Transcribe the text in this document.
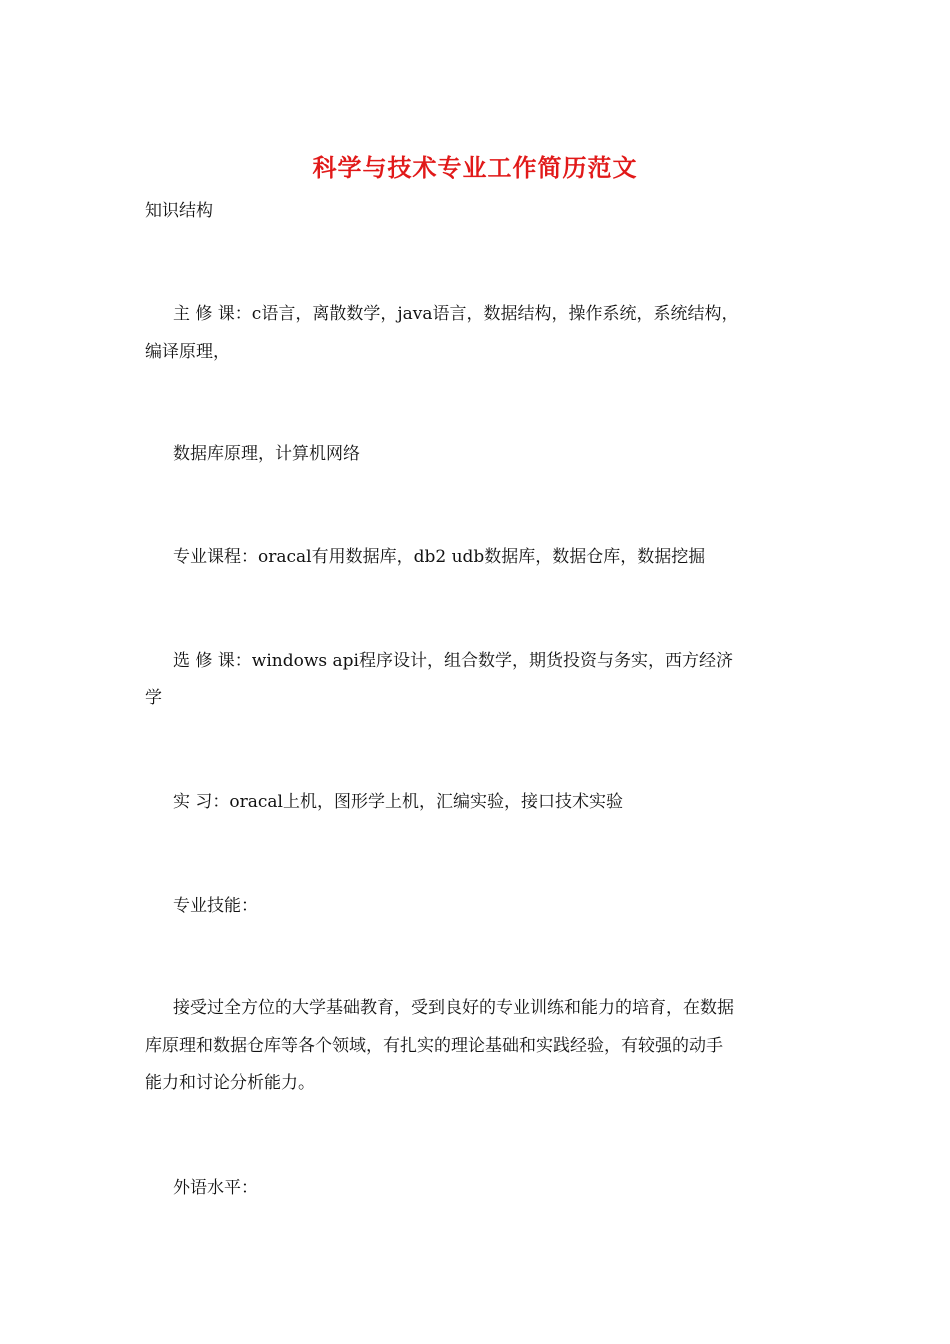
科学与技术专业工作简历范文
知识结构
主 修 课：c语言，离散数学，java语言，数据结构，操作系统，系统结构，
编译原理，
数据库原理，计算机网络
专业课程：oracal有用数据库，db2 udb数据库，数据仓库，数据挖掘
选 修 课：windows api程序设计，组合数学，期货投资与务实，西方经济
学
实 习：oracal上机，图形学上机，汇编实验，接口技术实验
专业技能：
接受过全方位的大学基础教育，受到良好的专业训练和能力的培育，在数据
库原理和数据仓库等各个领域，有扎实的理论基础和实践经验，有较强的动手
能力和讨论分析能力。
外语水平：
